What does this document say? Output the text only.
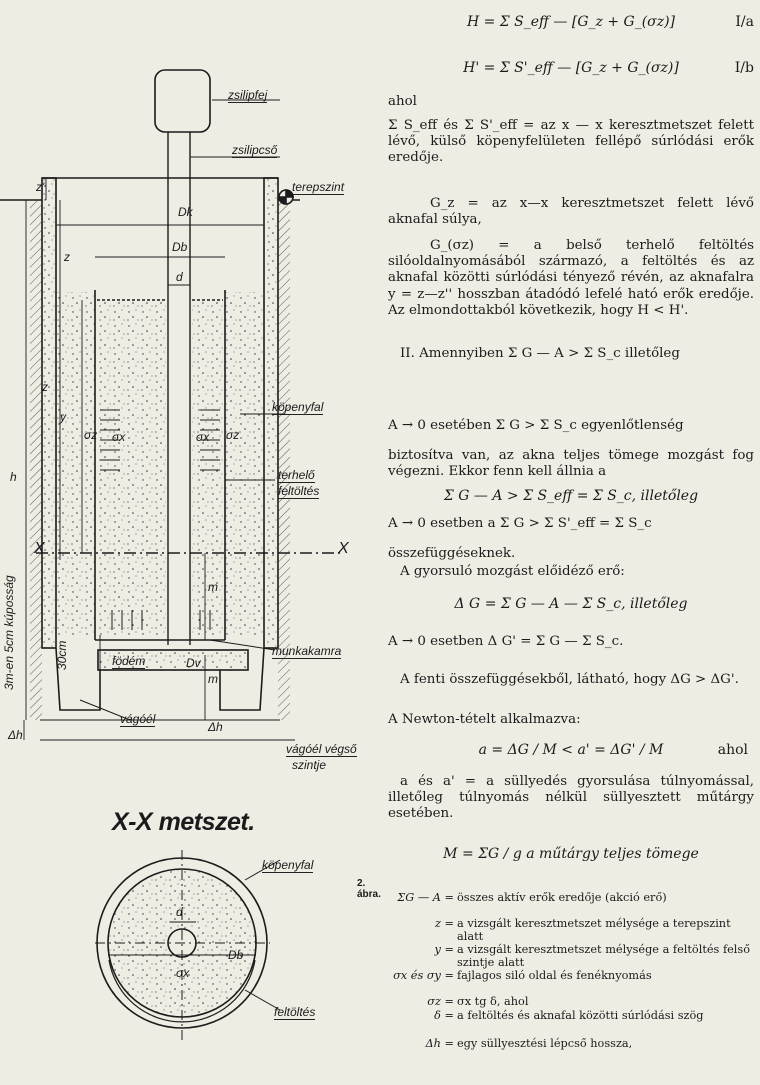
zsilipfej
zsilipcső
terepszint
köpenyfal
terhelő
feltöltés
munkakamra
födém
vágóél
vágóél végső
szintje
3m-en 5cm kúposság	30cm
Dk
Db
d
Dv
z'
z
z
y
h
m
m
Δh
Δh
X	X
σz σx	σx σz
X-X metszet.
köpenyfal
feltöltés
d
Db
σx
2. ábra.
H = Σ S_eff — [G_z + G_(σz)]	I/a
H' = Σ S'_eff — [G_z + G_(σz)]	I/b
ahol
Σ S_eff és Σ S'_eff = az x — x keresztmetszet felett lévő, külső köpenyfelületen fellépő súrlódási erők eredője.
G_z = az x—x keresztmetszet felett lévő aknafal súlya,
G_(σz) = a belső terhelő feltöltés silóoldalnyomásából származó, a feltöltés és az aknafal közötti súrlódási tényező révén, az aknafalra y = z—z'' hosszban átadódó lefelé ható erők eredője. Az elmondottakból következik, hogy H < H'.
II. Amennyiben Σ G — A > Σ S_c illetőleg
A → 0 esetében Σ G > Σ S_c egyenlőtlenség
biztosítva van, az akna teljes tömege mozgást fog végezni. Ekkor fenn kell állnia a
Σ G — A > Σ S_eff = Σ S_c, illetőleg
A → 0 esetben a Σ G > Σ S'_eff = Σ S_c
összefüggéseknek.
A gyorsuló mozgást előidéző erő:
Δ G = Σ G — A — Σ S_c, illetőleg
A → 0 esetben Δ G' = Σ G — Σ S_c.
A fenti összefüggésekből, látható, hogy ΔG > ΔG'.
A Newton-tételt alkalmazva:
a = ΔG / M < a' = ΔG' / M	ahol
a és a' = a süllyedés gyorsulása túlnyomással, illetőleg túlnyomás nélkül süllyesztett műtárgy esetében.
M = ΣG / g a műtárgy teljes tömege
ΣG — A = összes aktív erők eredője (akció erő)
z = a vizsgált keresztmetszet mélysége a terepszint alatt
y = a vizsgált keresztmetszet mélysége a feltöltés felső szintje alatt
σx és σy = fajlagos siló oldal és fenéknyomás
σz = σx tg δ, ahol
δ = a feltöltés és aknafal közötti súrlódási szög
Δh = egy süllyesztési lépcső hossza,
